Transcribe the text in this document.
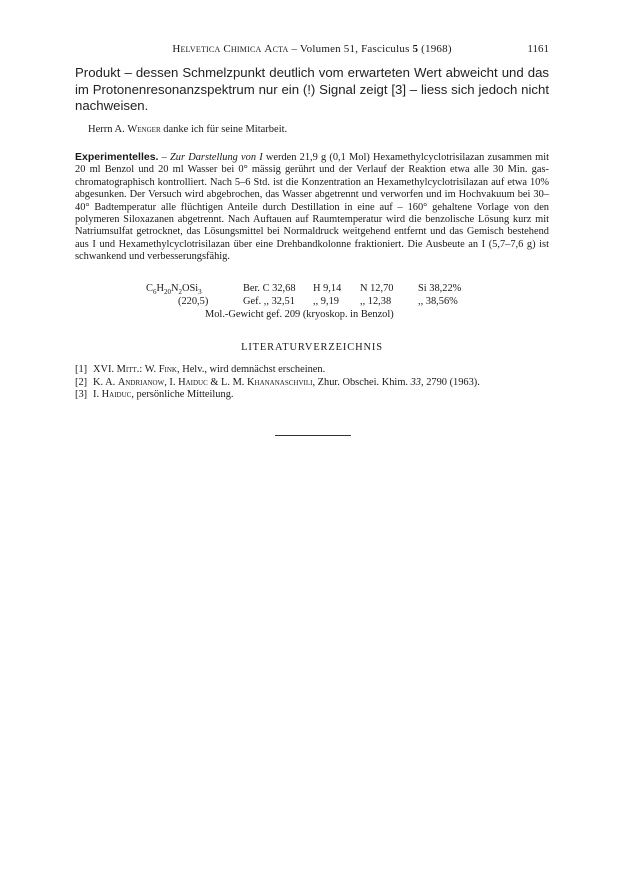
Helvetica Chimica Acta – Volumen 51, Fasciculus 5 (1968)	1161
Produkt – dessen Schmelzpunkt deutlich vom erwarteten Wert abweicht und das im Protonenresonanzspektrum nur ein (!) Signal zeigt [3] – liess sich jedoch nicht nachweisen.
Herrn A. Wenger danke ich für seine Mitarbeit.
Experimentelles. – Zur Darstellung von I werden 21,9 g (0,1 Mol) Hexamethylcyclotrisilazan zusammen mit 20 ml Benzol und 20 ml Wasser bei 0° mässig gerührt und der Verlauf der Reaktion etwa alle 30 Min. gas-chromatographisch kontrolliert. Nach 5–6 Std. ist die Konzentration an Hexamethylcyclotrisilazan auf etwa 10% abgesunken. Der Versuch wird abgebrochen, das Wasser abgetrennt und verworfen und im Hochvakuum bei 30–40° Badtemperatur alle flüchtigen Anteile durch Destillation in eine auf – 160° gehaltene Vorlage von den polymeren Siloxazanen abgetrennt. Nach Auftauen auf Raumtemperatur wird die benzolische Lösung kurz mit Natriumsulfat getrocknet, das Lösungsmittel bei Normaldruck weitgehend entfernt und das Gemisch bestehend aus I und Hexamethylcyclotrisilazan über eine Drehbandkolonne fraktioniert. Die Ausbeute an I (5,7–7,6 g) ist schwankend und verbesserungsfähig.
$C_6H_{20}N_2OSi_3$	Ber. C 32,68 H 9,14 N 12,70 Si 38,22%
(220,5)	Gef. ,, 32,51 ,, 9,19 ,, 12,38	,, 38,56%
Mol.-Gewicht gef. 209 (kryoskop. in Benzol)
LITERATURVERZEICHNIS
[1] XVI. Mitt.: W. Fink, Helv., wird demnächst erscheinen.
[2] K. A. Andrianow, I. Haiduc & L. M. Khananaschvili, Zhur. Obschei. Khim. 33, 2790 (1963).
[3] I. Haiduc, persönliche Mitteilung.
